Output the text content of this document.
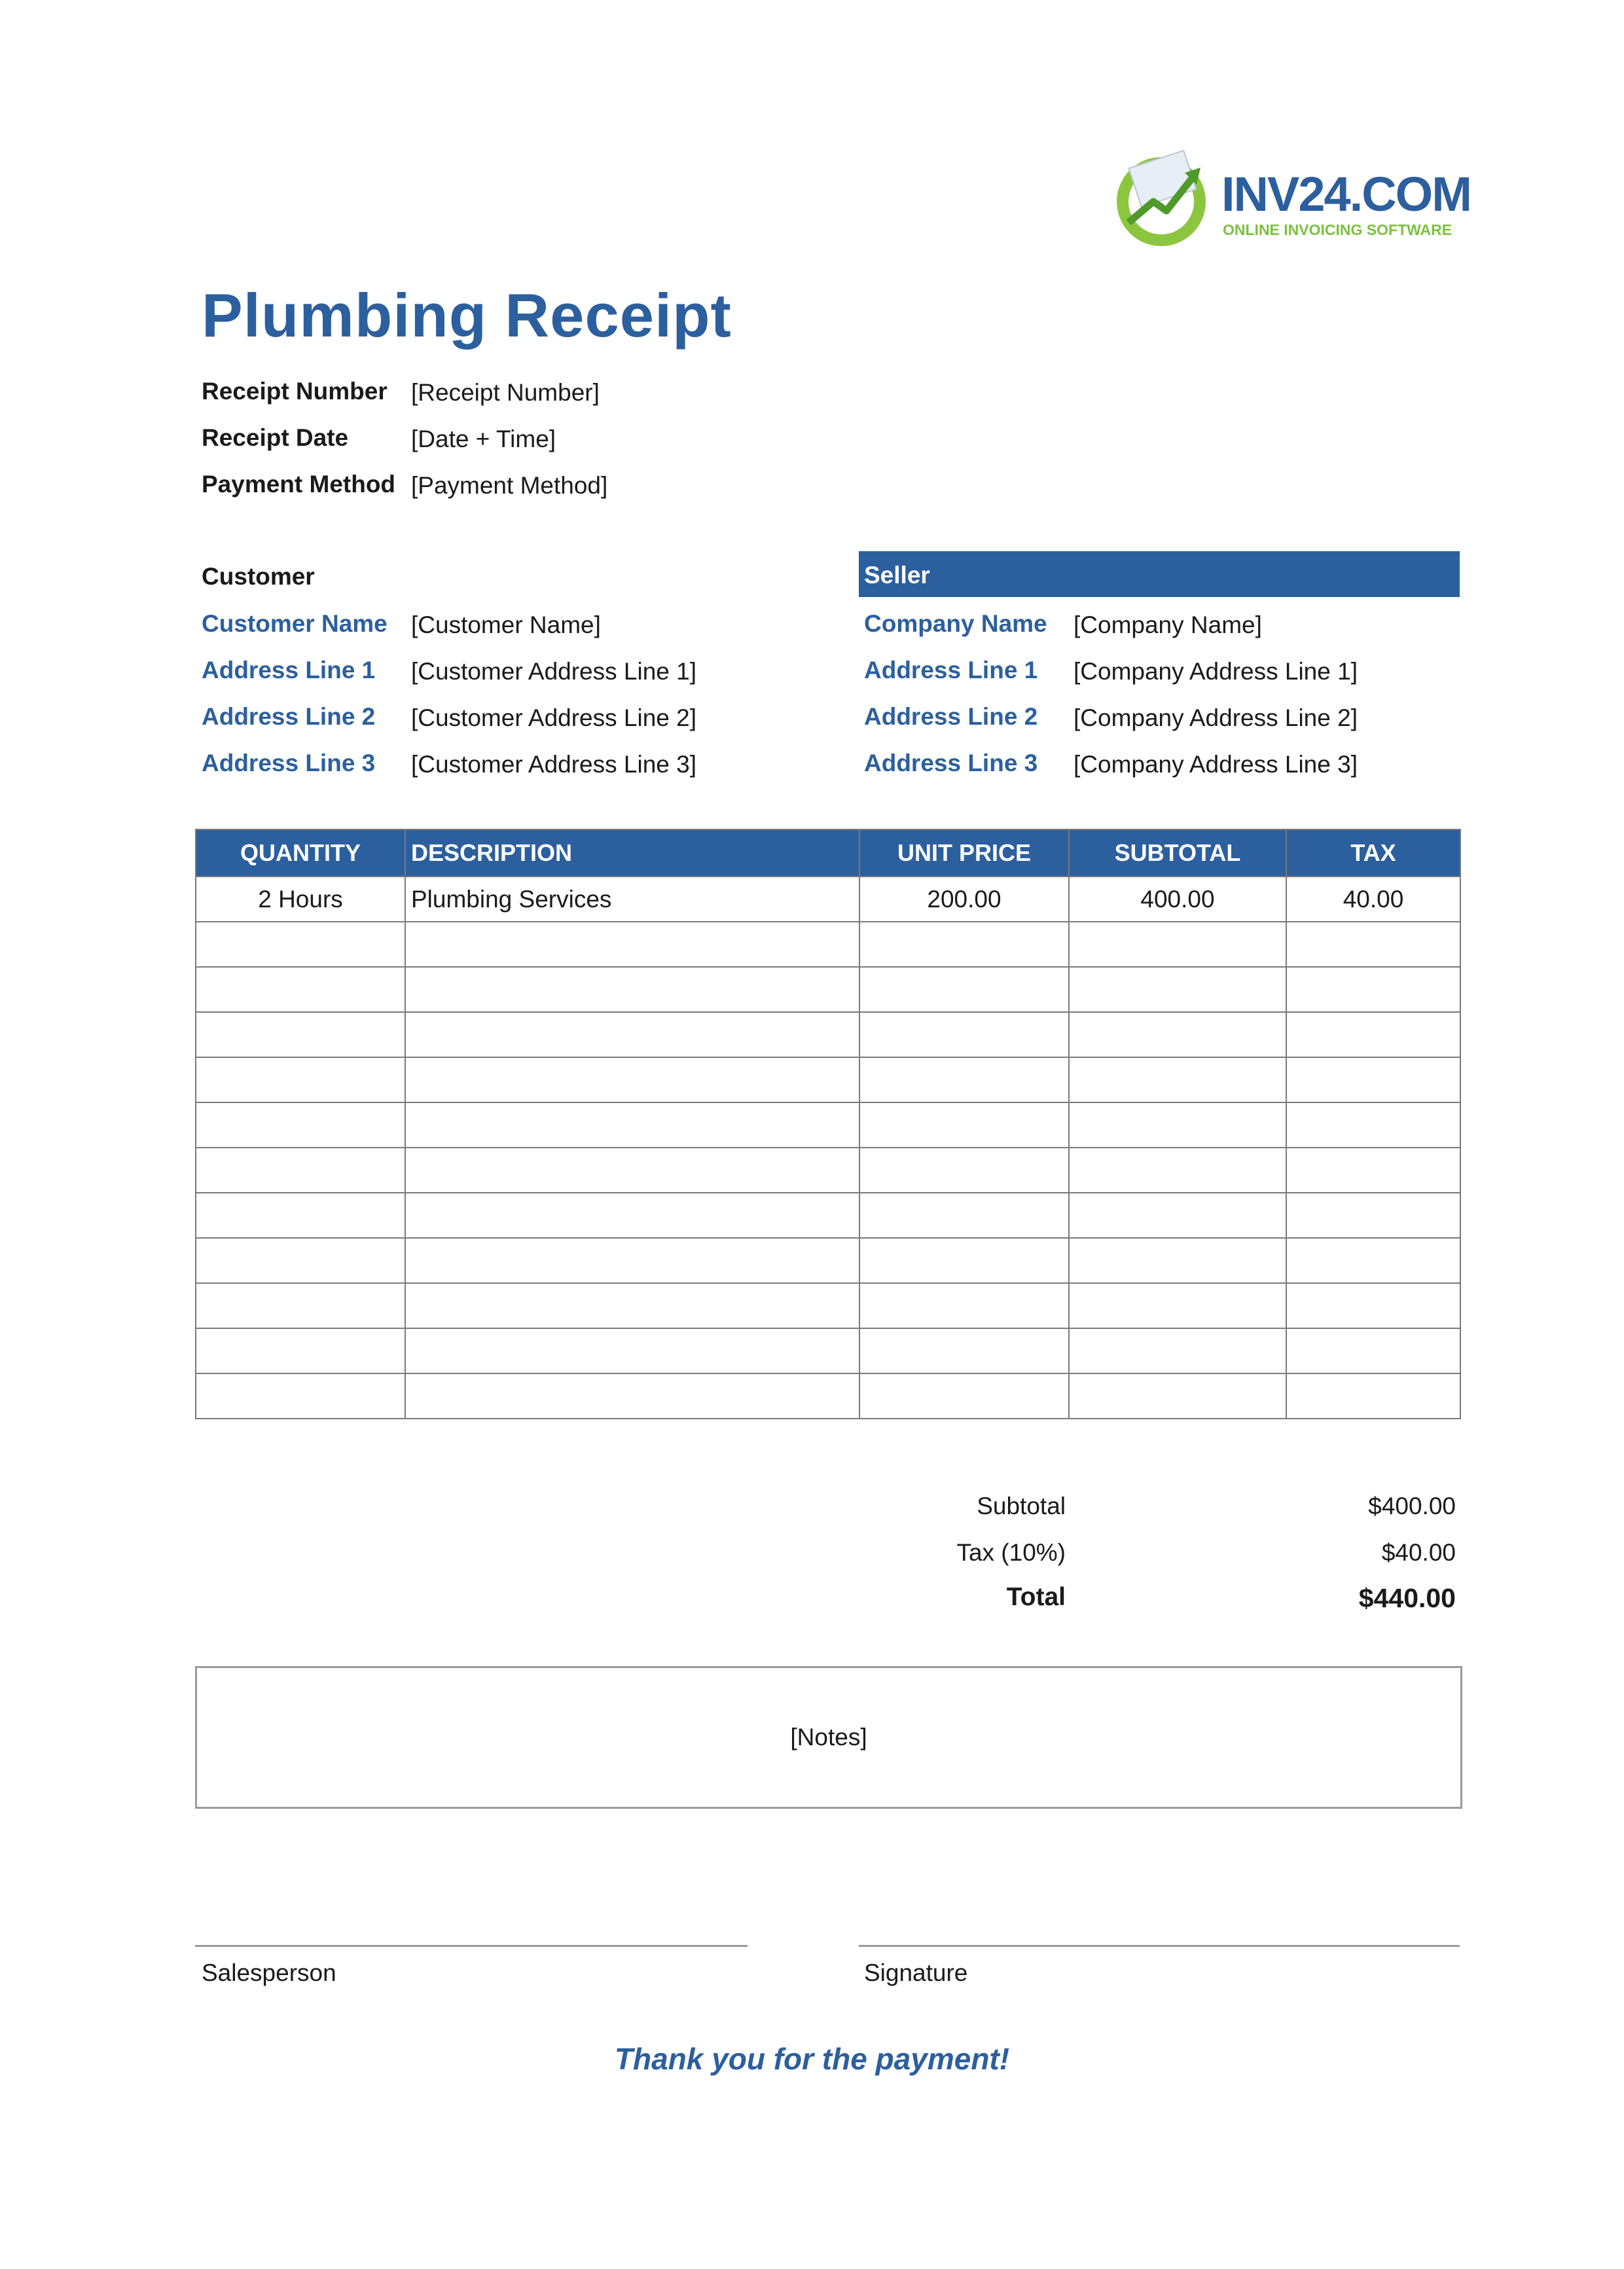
INV24.COM
ONLINE INVOICING SOFTWARE
Plumbing Receipt
Receipt Number [Receipt Number]
Receipt Date	[Date + Time]
Payment Method [Payment Method]
Customer
Customer Name [Customer Name]
Address Line 1 [Customer Address Line 1]
Address Line 2 [Customer Address Line 2]
Address Line 3 [Customer Address Line 3]
Seller
Company Name [Company Name]
Address Line 1 [Company Address Line 1]
Address Line 2 [Company Address Line 2]
Address Line 3 [Company Address Line 3]
QUANTITY	DESCRIPTION	UNIT PRICE	SUBTOTAL	TAX
2 Hours	Plumbing Services	200.00	400.00	40.00

Subtotal	$400.00
Tax (10%)	$40.00
Total	$440.00
[Notes]
Salesperson	Signature
Thank you for the payment!
